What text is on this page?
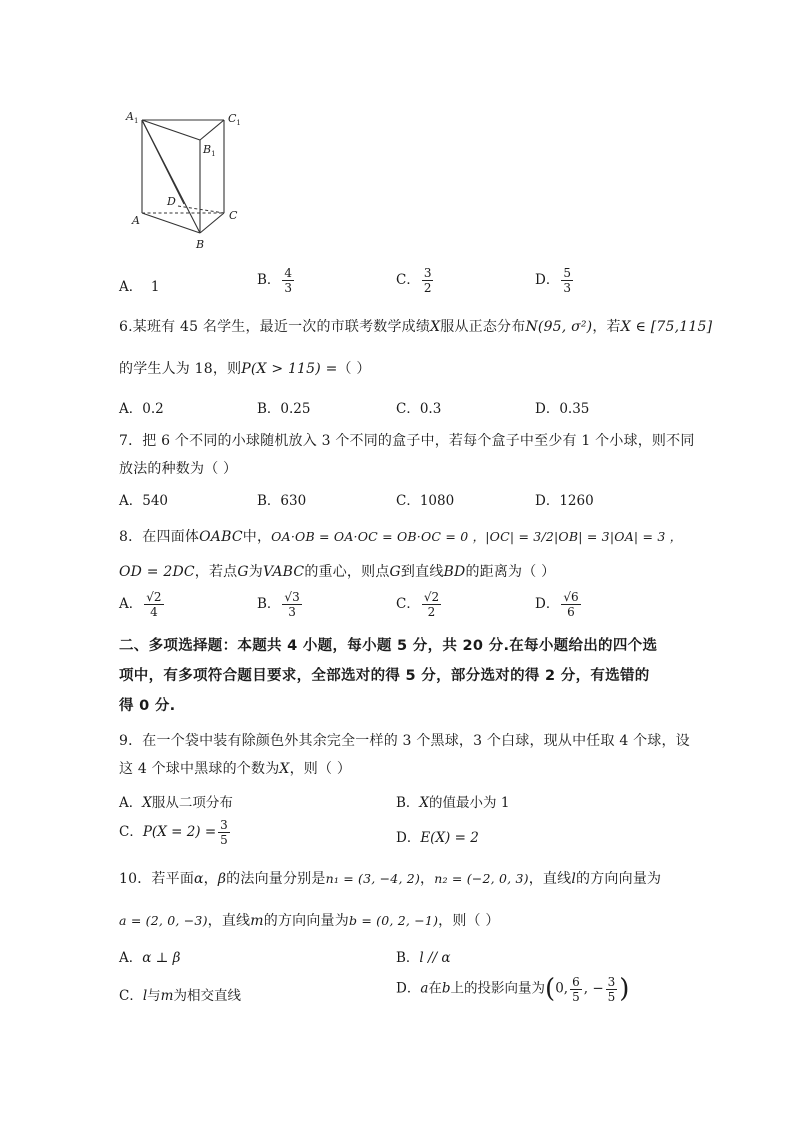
$A_1$	$C_1$
$B_1$
D
A	C
B
A． 1	B． $\frac{4}{3}$	C． $\frac{3}{2}$	D． $\frac{5}{3}$
6.某班有 45 名学生，最近一次的市联考数学成绩X服从正态分布N(95, σ²)，若X ∈ [75,115]
的学生人为 18，则P(X > 115) =（ ）
A．0.2	B．0.25	C．0.3	D．0.35
7．把 6 个不同的小球随机放入 3 个不同的盒子中，若每个盒子中至少有 1 个小球，则不同
放法的种数为（ ）
A．540	B．630	C．1080	D．1260
8．在四面体OABC中，OA·OB = OA·OC = OB·OC = 0 ，|OC| = 3/2|OB| = 3|OA| = 3 ，
OD = 2DC，若点G为VABC的重心，则点G到直线BD的距离为（ ）
A． $\frac{√2}{4}$	B． $\frac{√3}{3}$	C． $\frac{√2}{2}$	D． $\frac{√6}{6}$
二、多项选择题：本题共 4 小题，每小题 5 分，共 20 分.在每小题给出的四个选
项中，有多项符合题目要求，全部选对的得 5 分，部分选对的得 2 分，有选错的
得 0 分.
9．在一个袋中装有除颜色外其余完全一样的 3 个黑球，3 个白球，现从中任取 4 个球，设
这 4 个球中黑球的个数为X，则（ ）
A．X服从二项分布	B．X的值最小为 1
C．$P(X = 2) = \frac{3}{5}$	D．E(X) = 2
10．若平面α，β的法向量分别是n₁ = (3, −4, 2)，n₂ = (−2, 0, 3)，直线l的方向向量为
a = (2, 0, −3)，直线m的方向向量为b = (0, 2, −1)，则（ ）
A．α ⊥ β	B．l // α
C．l与m为相交直线	D．a在b上的投影向量为(0, $\frac{6}{5}$ , − $\frac{3}{5}$ )
